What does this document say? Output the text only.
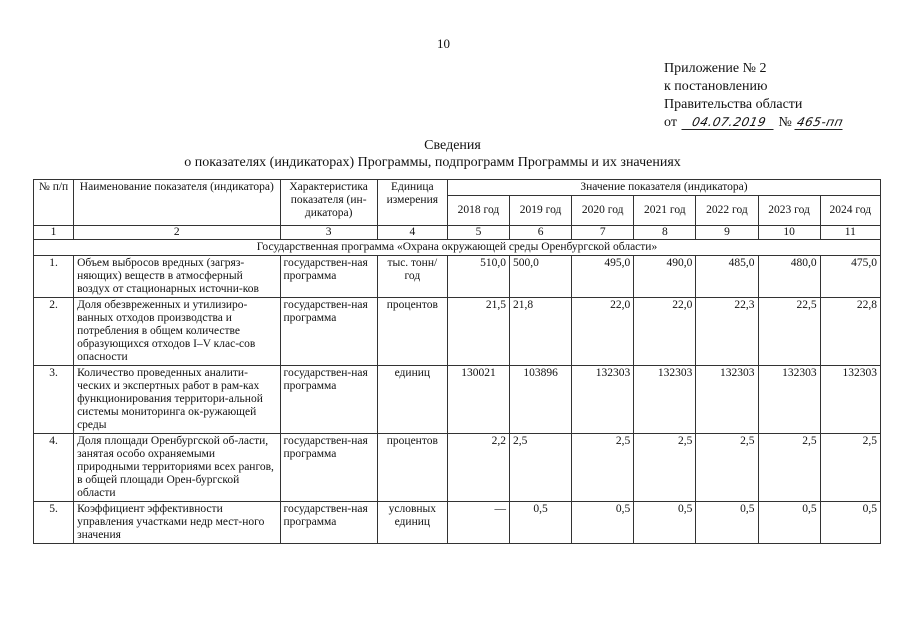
10
Приложение № 2
к постановлению
Правительства области
от 04.07.2019 № 465-пп
Сведения
о показателях (индикаторах) Программы, подпрограмм Программы и их значениях
№ п/п	Наименование показателя (индикатора)	Характеристика показателя (ин-дикатора)	Единица измерения	Значение показателя (индикатора)						
				2018 год	2019 год	2020 год	2021 год	2022 год	2023 год	2024 год
1	2	3	4	5	6	7	8	9	10	11
Государственная программа «Охрана окружающей среды Оренбургской области»										
1.	Объем выбросов вредных (загряз-няющих) веществ в атмосферный воздух от стационарных источни-ков	государствен-ная программа	тыс. тонн/год	510,0	500,0	495,0	490,0	485,0	480,0	475,0
2.	Доля обезвреженных и утилизиро-ванных отходов производства и потребления в общем количестве образующихся отходов I–V клас-сов опасности	государствен-ная программа	процентов	21,5	21,8	22,0	22,0	22,3	22,5	22,8
3.	Количество проведенных аналити-ческих и экспертных работ в рам-ках функционирования территори-альной системы мониторинга ок-ружающей среды	государствен-ная программа	единиц	130021	103896	132303	132303	132303	132303	132303
4.	Доля площади Оренбургской об-ласти, занятая особо охраняемыми природными территориями всех рангов, в общей площади Орен-бургской области	государствен-ная программа	процентов	2,2	2,5	2,5	2,5	2,5	2,5	2,5
5.	Коэффициент эффективности управления участками недр мест-ного значения	государствен-ная программа	условных единиц	—	0,5	0,5	0,5	0,5	0,5	0,5
